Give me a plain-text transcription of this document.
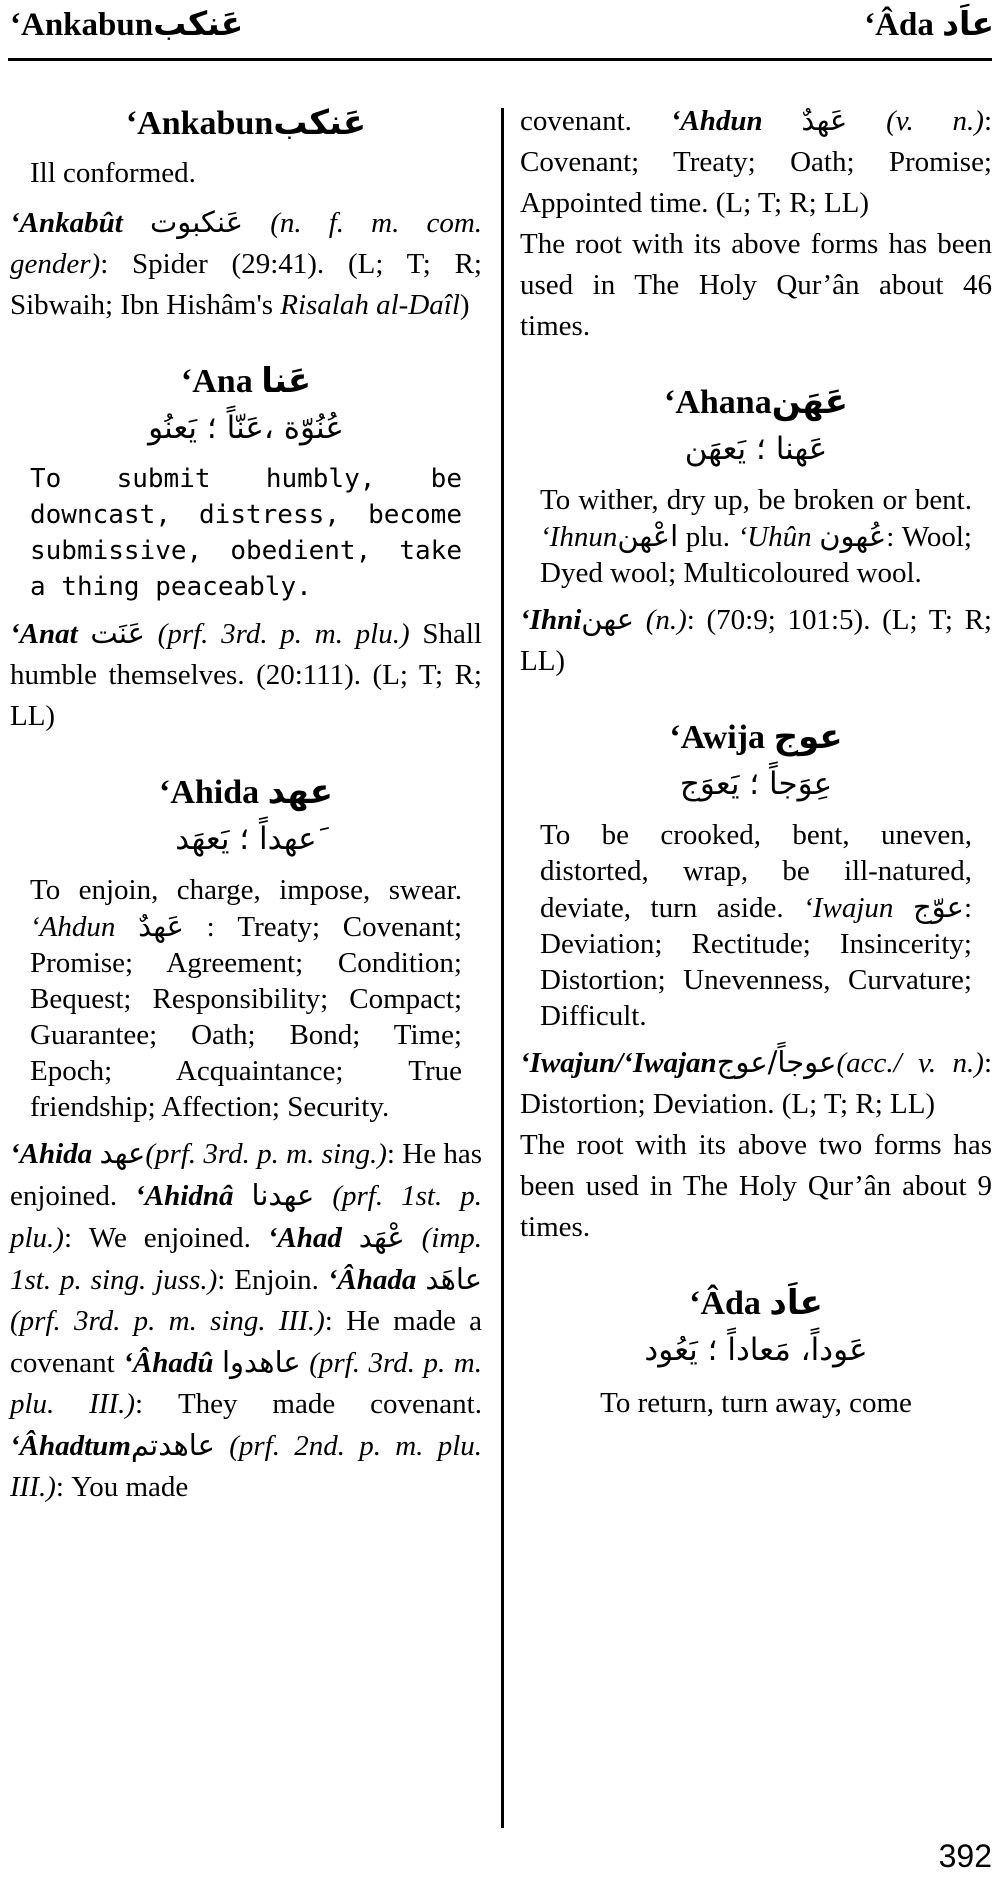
‘Ankabunعَنكب	‘Âda عاَد
‘Ankabunعَنكب
Ill conformed.
‘Ankabût عَنكبوت (n. f. m. com. gender): Spider (29:41). (L; T; R; Sibwaih; Ibn Hishâm's Risalah al-Daîl)
‘Ana عَنا
عُنُوّة ،عَنّاً ؛ يَعنُو
To submit humbly, be downcast, distress, become submissive, obedient, take a thing peaceably.
‘Anat عَنَت (prf. 3rd. p. m. plu.) Shall humble themselves. (20:111). (L; T; R; LL)
‘Ahida عهد
َعهداً ؛ يَعهَد
To enjoin, charge, impose, swear. ‘Ahdun عَهدٌ : Treaty; Covenant; Promise; Agreement; Condition; Bequest; Responsibility; Compact; Guarantee; Oath; Bond; Time; Epoch; Acquaintance; True friendship; Affection; Security.
‘Ahida عهد(prf. 3rd. p. m. sing.): He has enjoined. ‘Ahidnâ عهدنا (prf. 1st. p. plu.): We enjoined. ‘Ahad عْهَد (imp. 1st. p. sing. juss.): Enjoin. ‘Âhada عاهَد (prf. 3rd. p. m. sing. III.): He made a covenant ‘Âhadû عاهدوا (prf. 3rd. p. m. plu. III.): They made covenant. ‘Âhadtumعاهدتم (prf. 2nd. p. m. plu. III.): You made
covenant. ‘Ahdun عَهدٌ (v. n.): Covenant; Treaty; Oath; Promise; Appointed time. (L; T; R; LL)
The root with its above forms has been used in The Holy Qur’ân about 46 times.
‘Ahanaعَهَن
عَهنا ؛ يَعهَن
To wither, dry up, be broken or bent. ‘Ihnunاعْهن plu. ‘Uhûn عُهون: Wool; Dyed wool; Multicoloured wool.
‘Ihniعهن (n.): (70:9; 101:5). (L; T; R; LL)
‘Awija عوج
عِوَجاً ؛ يَعوَج
To be crooked, bent, uneven, distorted, wrap, be ill-natured, deviate, turn aside. ‘Iwajun عوّج: Deviation; Rectitude; Insincerity; Distortion; Unevenness, Curvature; Difficult.
‘Iwajun/‘Iwajanعوجاً/عوج(acc./ v. n.): Distortion; Deviation. (L; T; R; LL)
The root with its above two forms has been used in The Holy Qur’ân about 9 times.
‘Âda عاَد
عَوداً، مَعاداً ؛ يَعُود
To return, turn away, come
392
